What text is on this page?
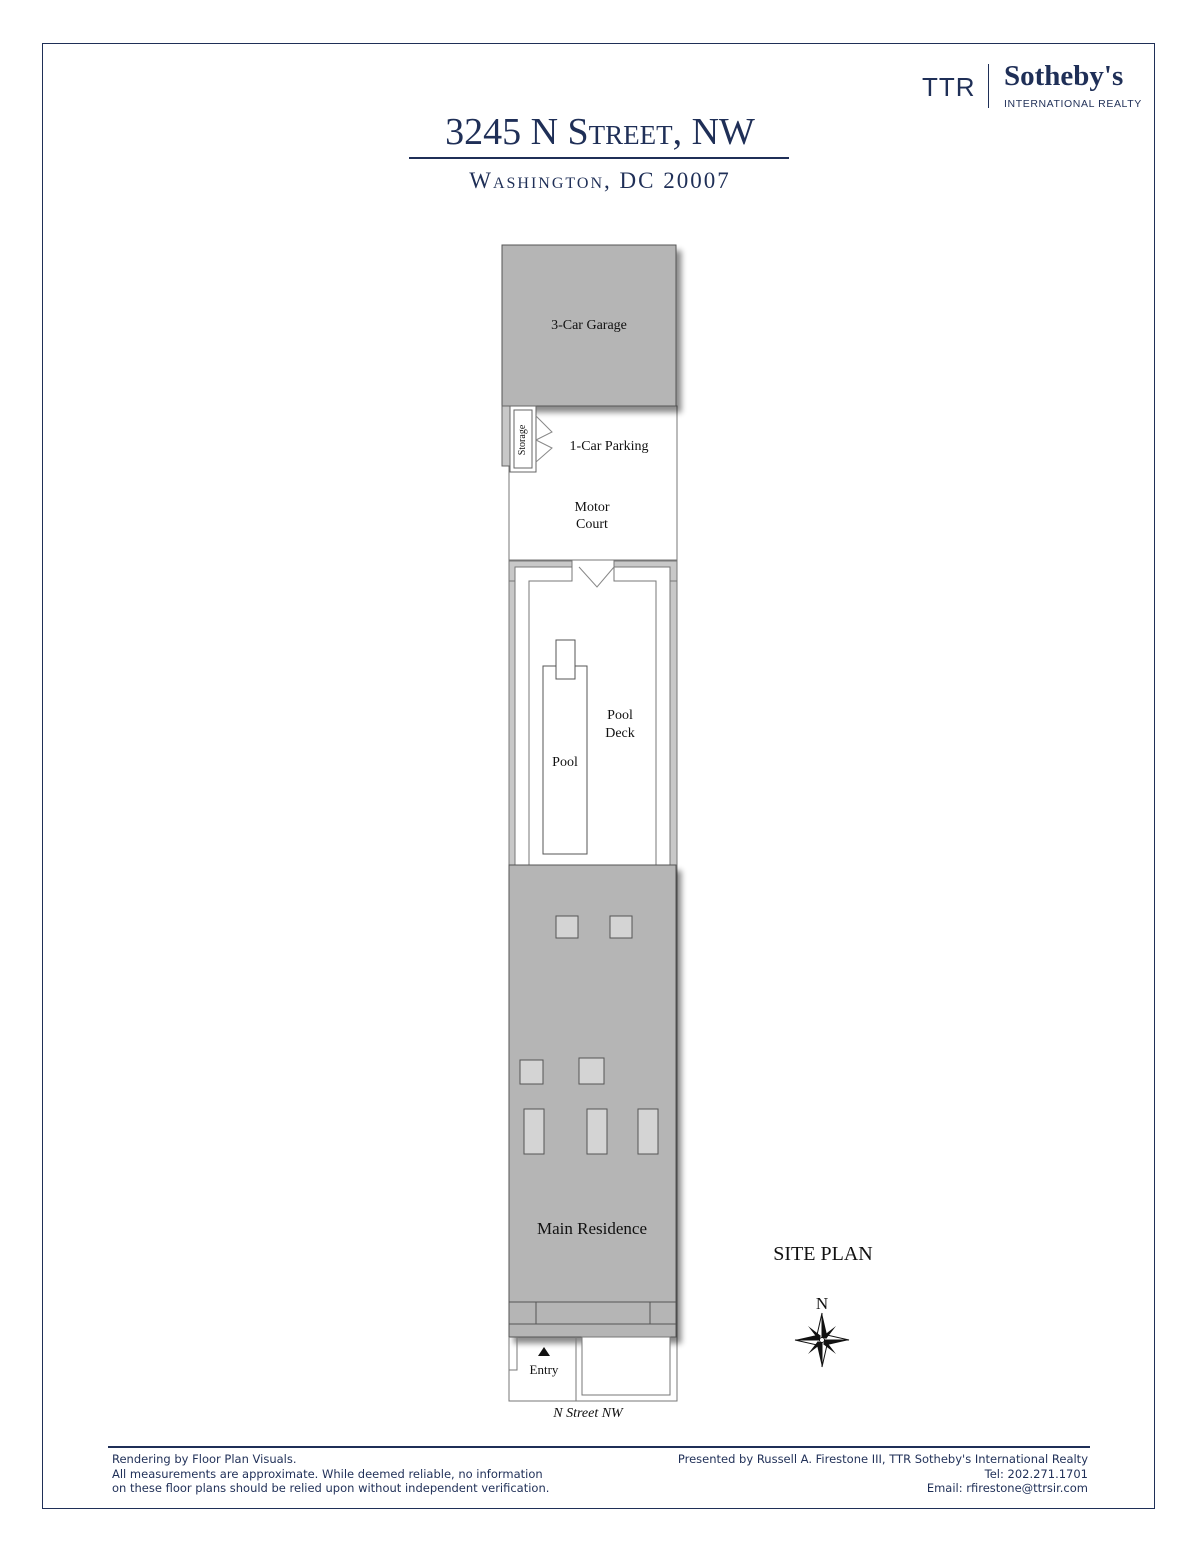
TTR Sotheby's
INTERNATIONAL REALTY
3245 N Street, NW
Washington, DC 20007
3-Car Garage
Storage	1-Car Parking
Motor
Court
Pool
Pool
Deck
Main Residence
Entry
N Street NW
SITE PLAN
N
Rendering by Floor Plan Visuals.
All measurements are approximate. While deemed reliable, no information
on these floor plans should be relied upon without independent verification.
Presented by Russell A. Firestone III, TTR Sotheby's International Realty
Tel: 202.271.1701
Email: rfirestone@ttrsir.com
